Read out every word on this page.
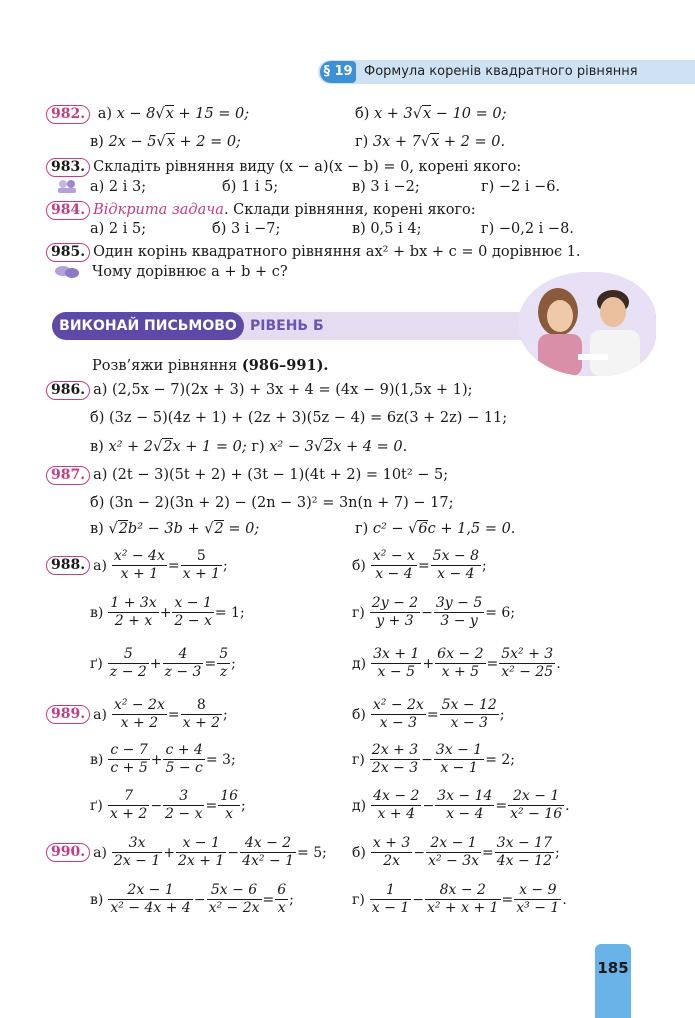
§ 19 Формула коренів квадратного рівняння
982. а) x − 8√x + 15 = 0;	б) x + 3√x − 10 = 0;
в) 2x − 5√x + 2 = 0;	г) 3x + 7√x + 2 = 0.
983. Складіть рівняння виду (x − a)(x − b) = 0, корені якого:
а) 2 і 3;	б) 1 і 5;	в) 3 і −2;	г) −2 і −6.
984. Відкрита задача. Склади рівняння, корені якого:
а) 2 і 5;	б) 3 і −7;	в) 0,5 і 4;	г) −0,2 і −8.
985. Один корінь квадратного рівняння ax² + bx + c = 0 дорівнює 1.
Чому дорівнює a + b + c?
ВИКОНАЙ ПИСЬМОВО РІВЕНЬ Б
Розв’яжи рівняння (986–991).
986. а) (2,5x − 7)(2x + 3) + 3x + 4 = (4x − 9)(1,5x + 1);
б) (3z − 5)(4z + 1) + (2z + 3)(5z − 4) = 6z(3 + 2z) − 11;
в) x² + 2√2x + 1 = 0; г) x² − 3√2x + 4 = 0.
987. а) (2t − 3)(5t + 2) + (3t − 1)(4t + 2) = 10t² − 5;
б) (3n − 2)(3n + 2) − (2n − 3)² = 3n(n + 7) − 17;
в) √2b² − 3b + √2 = 0;	г) c² − √6c + 1,5 = 0.
988. $а) \frac{\text{x² − 4x}}{x + 1} = \frac{5}{x + 1}$ ;	$б) \frac{\text{x² − x}}{x - 4} = \frac{5x - 8}{x - 4}$ ;
$в) \frac{1 + 3x}{2 + x} + \frac{x - 1}{2 - x} = 1$;	$г) \frac{2y - 2}{y + 3} - \frac{3y - 5}{3 - y} = 6$;
$ґ) \frac{5}{z - 2} + \frac{4}{z - 3} = \frac{5}{z}$ ;	$д) \frac{3x + 1}{x - 5} + \frac{6x - 2}{x + 5} = \frac{\text{5x² + 3}}{\text{x² − 25}}$ .
989. $а) \frac{\text{x² − 2x}}{x + 2} = \frac{8}{x + 2}$ ;	$б) \frac{\text{x² − 2x}}{x - 3} = \frac{5x - 12}{x - 3}$ ;
$в) \frac{c - 7}{c + 5} + \frac{c + 4}{5 - c} = 3$;	$г) \frac{2x + 3}{2x - 3} - \frac{3x - 1}{x - 1} = 2$;
$ґ) \frac{7}{x + 2} - \frac{3}{2 - x} = \frac{16}{x}$ ;	$д) \frac{4x - 2}{x + 4} - \frac{3x - 14}{x - 4} = \frac{2x - 1}{\text{x² − 16}}$ .
990. $а) \frac{3x}{2x - 1} + \frac{x - 1}{2x + 1} - \frac{4x - 2}{\text{4x² − 1}} = 5$; $б) \frac{x + 3}{2x} - \frac{2x - 1}{\text{x² − 3x}} = \frac{3x - 17}{4x - 12}$ ;
$в) \frac{2x - 1}{\text{x² − 4x + 4}} - \frac{5x - 6}{\text{x² − 2x}} = \frac{6}{x}$ ;	$г) \frac{1}{x - 1} - \frac{8x - 2}{\text{x² + x + 1}} = \frac{x - 9}{\text{x³ − 1}}$ .
185
